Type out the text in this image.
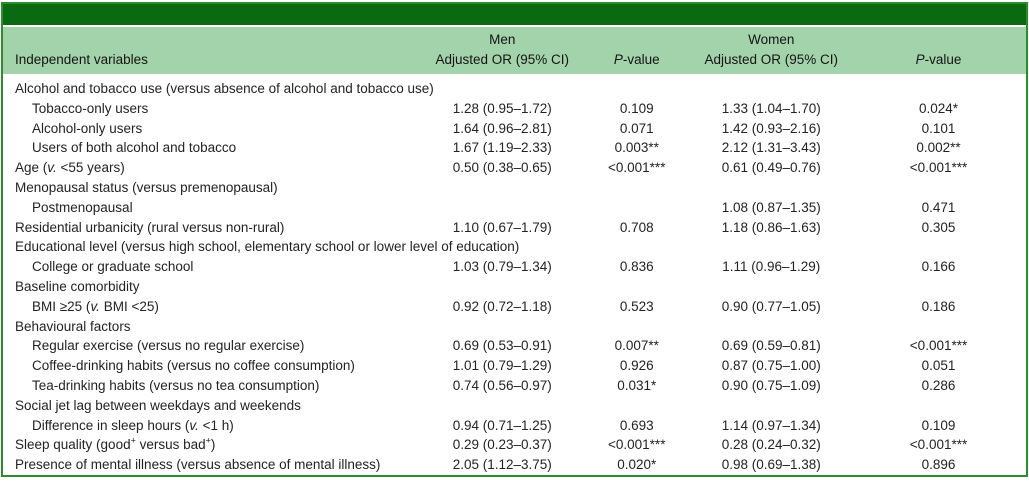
	Men		Women	
Independent variables	Adjusted OR (95% CI)	P-value	Adjusted OR (95% CI)	P-value
Alcohol and tobacco use (versus absence of alcohol and tobacco use)				
Tobacco-only users	1.28 (0.95–1.72)	0.109	1.33 (1.04–1.70)	0.024*
Alcohol-only users	1.64 (0.96–2.81)	0.071	1.42 (0.93–2.16)	0.101
Users of both alcohol and tobacco	1.67 (1.19–2.33)	0.003**	2.12 (1.31–3.43)	0.002**
Age (v. <55 years)	0.50 (0.38–0.65)	<0.001***	0.61 (0.49–0.76)	<0.001***
Menopausal status (versus premenopausal)				
Postmenopausal			1.08 (0.87–1.35)	0.471
Residential urbanicity (rural versus non-rural)	1.10 (0.67–1.79)	0.708	1.18 (0.86–1.63)	0.305
Educational level (versus high school, elementary school or lower level of education)				
College or graduate school	1.03 (0.79–1.34)	0.836	1.11 (0.96–1.29)	0.166
Baseline comorbidity				
BMI ≥25 (v. BMI <25)	0.92 (0.72–1.18)	0.523	0.90 (0.77–1.05)	0.186
Behavioural factors				
Regular exercise (versus no regular exercise)	0.69 (0.53–0.91)	0.007**	0.69 (0.59–0.81)	<0.001***
Coffee-drinking habits (versus no coffee consumption)	1.01 (0.79–1.29)	0.926	0.87 (0.75–1.00)	0.051
Tea-drinking habits (versus no tea consumption)	0.74 (0.56–0.97)	0.031*	0.90 (0.75–1.09)	0.286
Social jet lag between weekdays and weekends				
Difference in sleep hours (v. <1 h)	0.94 (0.71–1.25)	0.693	1.14 (0.97–1.34)	0.109
Sleep quality (good+ versus bad+)	0.29 (0.23–0.37)	<0.001***	0.28 (0.24–0.32)	<0.001***
Presence of mental illness (versus absence of mental illness)	2.05 (1.12–3.75)	0.020*	0.98 (0.69–1.38)	0.896
